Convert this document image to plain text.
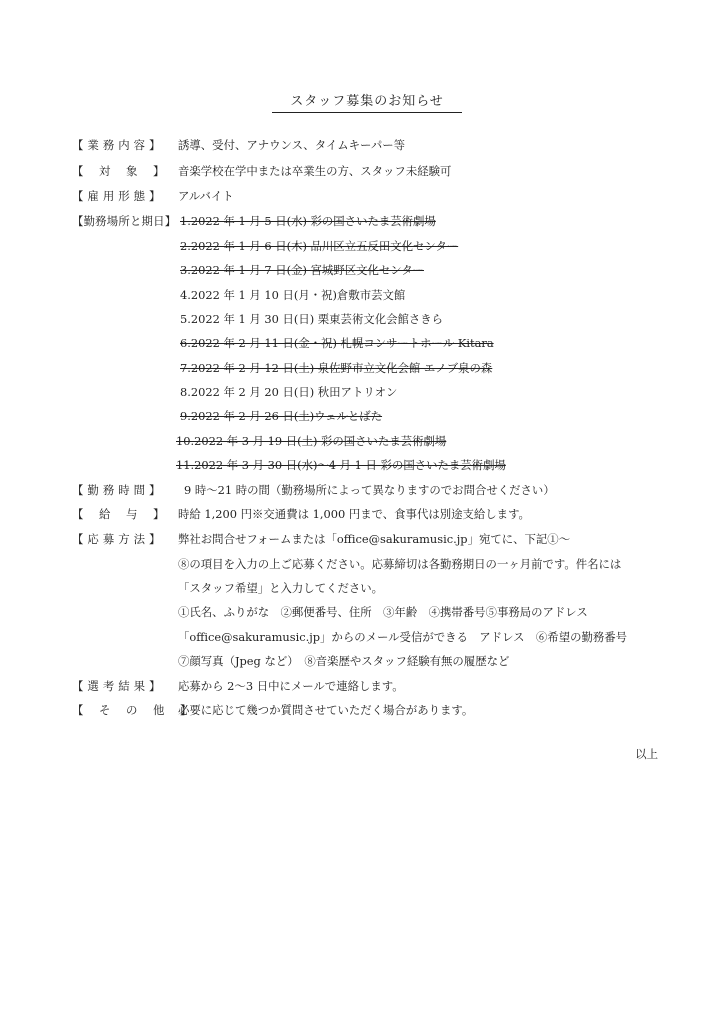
スタッフ募集のお知らせ
【 業 務 内 容 】	誘導、受付、アナウンス、タイムキーパー等
【　 対　 象　 】 音楽学校在学中または卒業生の方、スタッフ未経験可
【 雇 用 形 態 】	アルバイト
【勤務場所と期日】 1.2022 年 1 月 5 日(水) 彩の国さいたま芸術劇場
2.2022 年 1 月 6 日(木) 品川区立五反田文化センター
3.2022 年 1 月 7 日(金) 宮城野区文化センター
4.2022 年 1 月 10 日(月・祝)倉敷市芸文館
5.2022 年 1 月 30 日(日) 栗東芸術文化会館さきら
6.2022 年 2 月 11 日(金・祝) 札幌コンサートホール Kitara
7.2022 年 2 月 12 日(土) 泉佐野市立文化会館 エノブ泉の森
8.2022 年 2 月 20 日(日) 秋田アトリオン
9.2022 年 2 月 26 日(土)ウェルとばた
10.2022 年 3 月 19 日(土) 彩の国さいたま芸術劇場
11.2022 年 3 月 30 日(水)～4 月 1 日 彩の国さいたま芸術劇場
【 勤 務 時 間 】	9 時～21 時の間（勤務場所によって異なりますのでお問合せください）
【　 給　 与　 】 時給 1,200 円※交通費は 1,000 円まで、食事代は別途支給します。
【 応 募 方 法 】	弊社お問合せフォームまたは「office@sakuramusic.jp」宛てに、下記①～
⑧の項目を入力の上ご応募ください。応募締切は各勤務期日の一ヶ月前です。件名には
「スタッフ希望」と入力してください。
①氏名、ふりがな　②郵便番号、住所　③年齢　④携帯番号⑤事務局のアドレス
「office@sakuramusic.jp」からのメール受信ができる　アドレス　⑥希望の勤務番号
⑦顔写真（Jpeg など）　⑧音楽歴やスタッフ経験有無の履歴など
【 選 考 結 果 】	応募から 2～3 日中にメールで連絡します。
【　 そ　 の　 他　 】
必要に応じて幾つか質問させていただく場合があります。
以上
